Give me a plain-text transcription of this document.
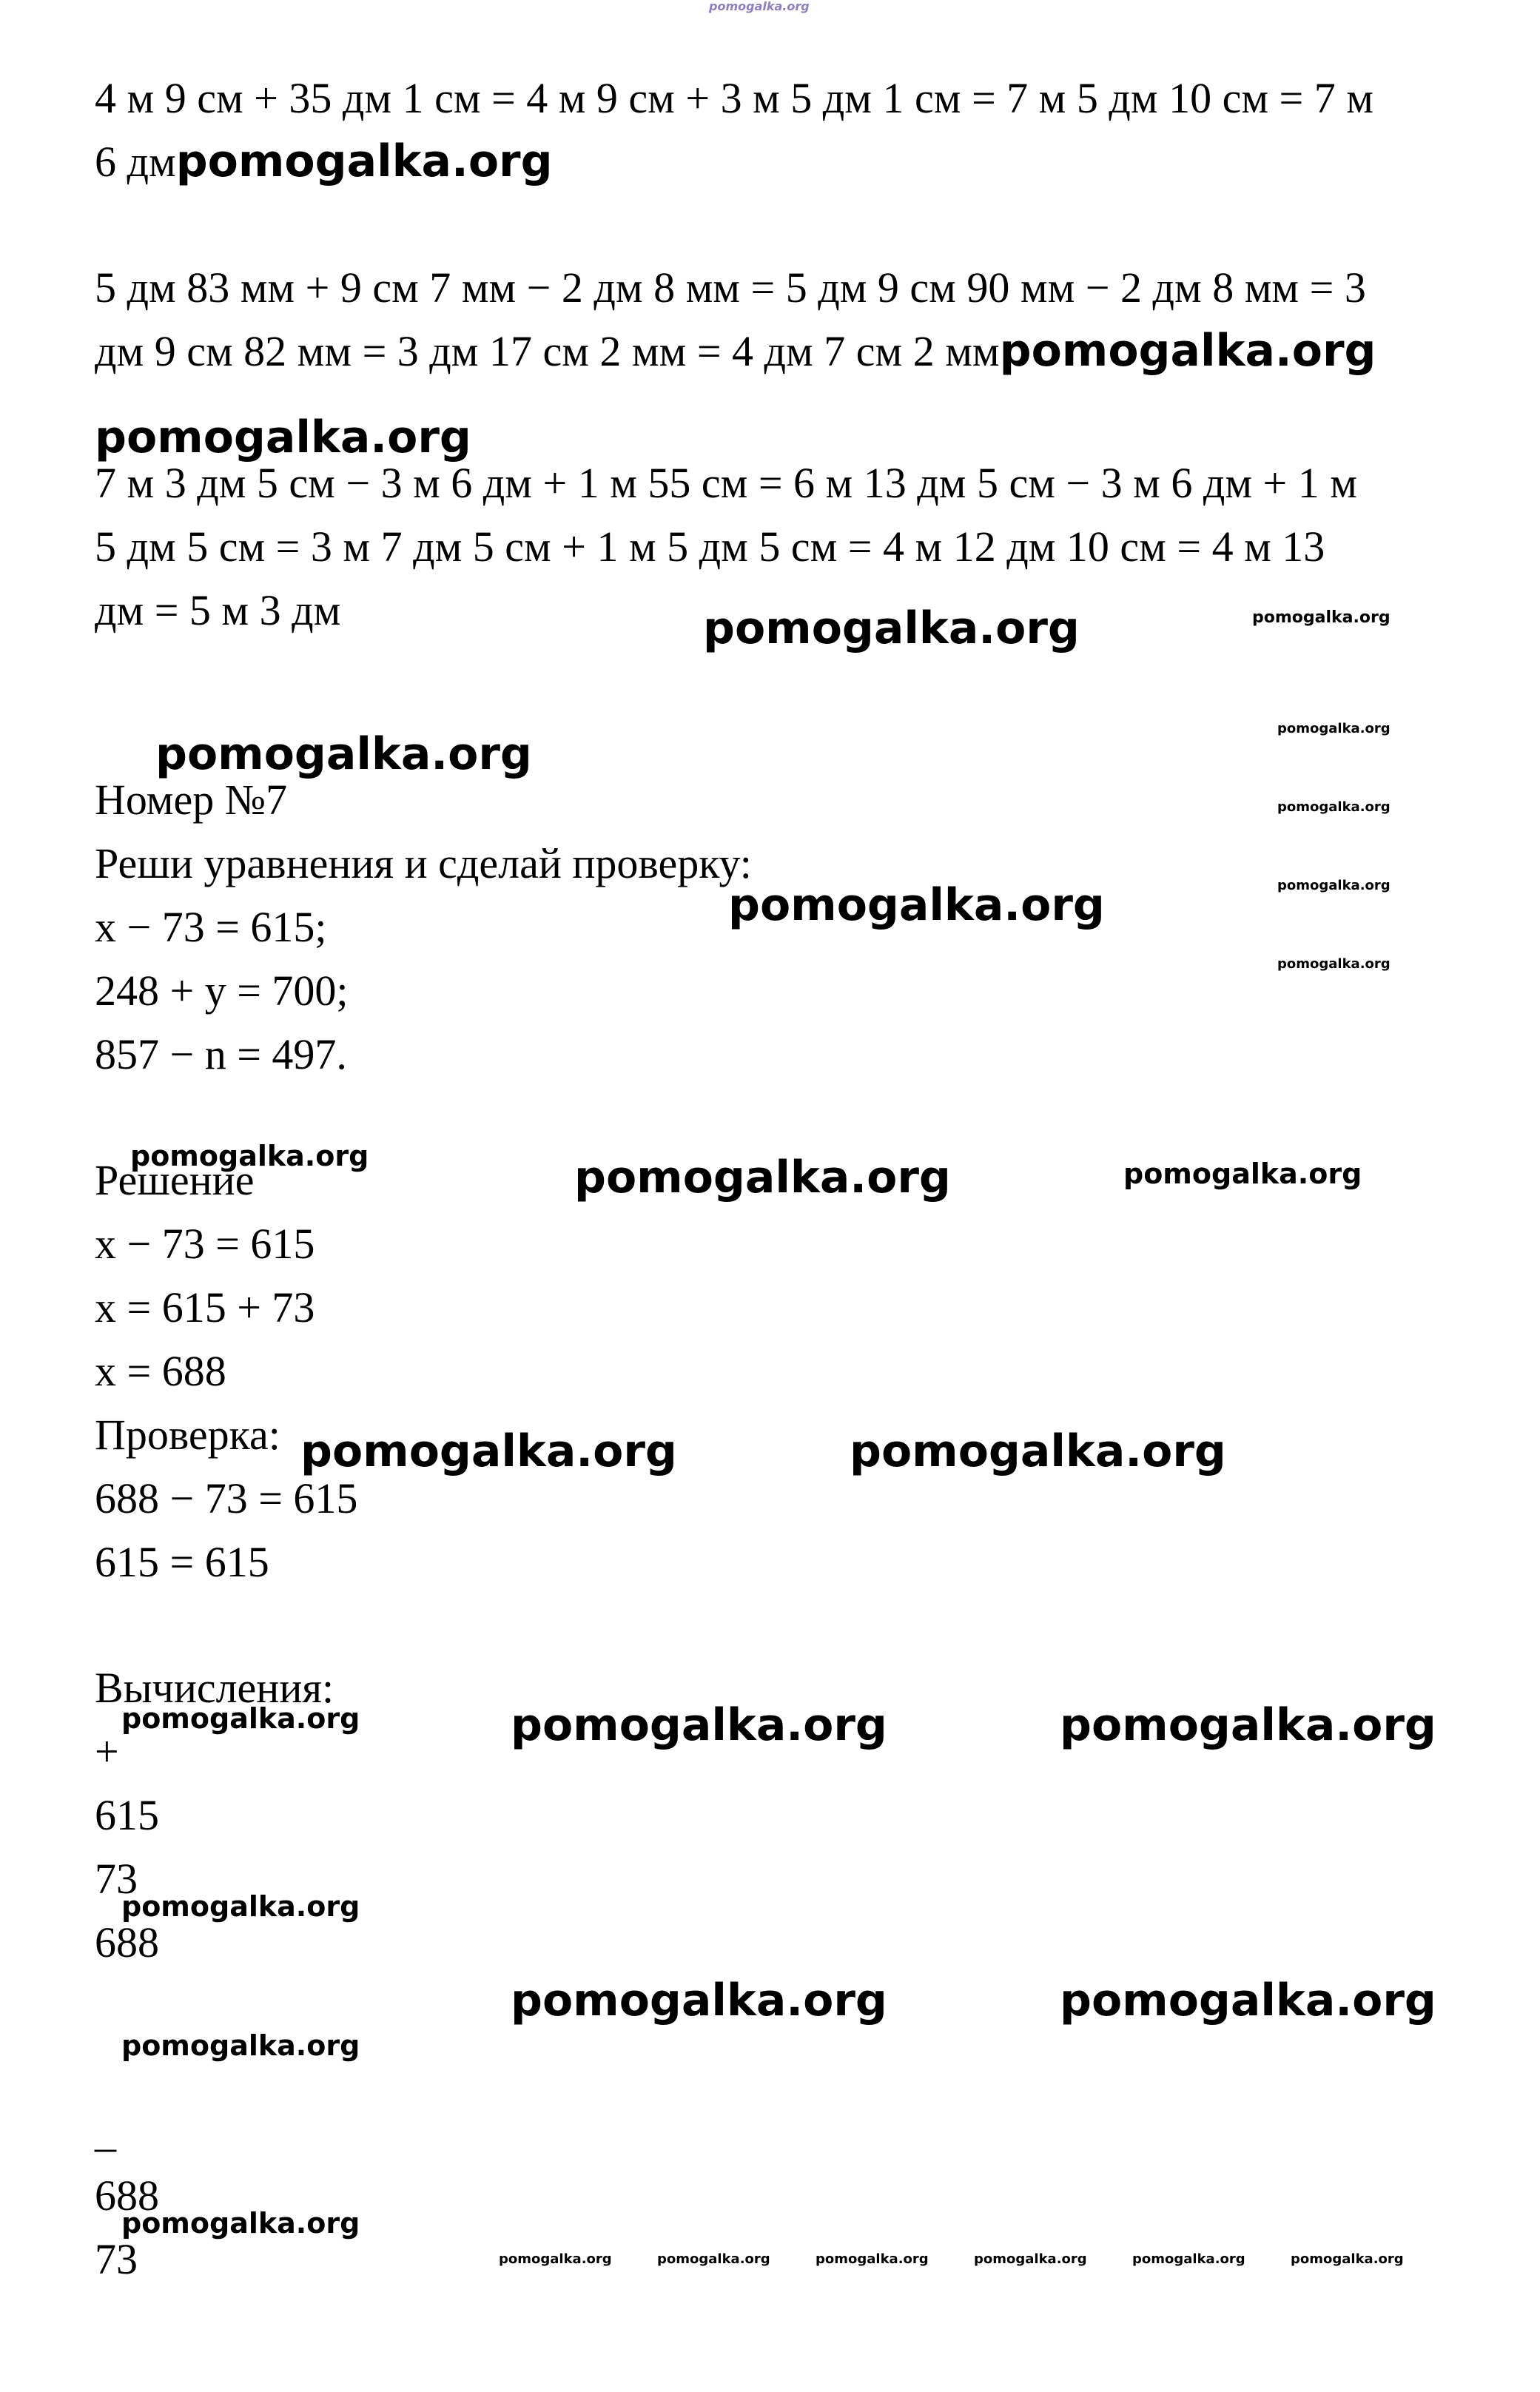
pomogalka.org

4 м 9 см + 35 дм 1 см = 4 м 9 см + 3 м 5 дм 1 см = 7 м 5 дм 10 см = 7 м

6 дмpomogalka.org

5 дм 83 мм + 9 см 7 мм − 2 дм 8 мм = 5 дм 9 см 90 мм − 2 дм 8 мм = 3

дм 9 см 82 мм = 3 дм 17 см 2 мм = 4 дм 7 см 2 ммpomogalka.org

pomogalka.org

7 м 3 дм 5 см − 3 м 6 дм + 1 м 55 см = 6 м 13 дм 5 см − 3 м 6 дм + 1 м

5 дм 5 см = 3 м 7 дм 5 см + 1 м 5 дм 5 см = 4 м 12 дм 10 см = 4 м 13

дм = 5 м 3 дм	pomogalka.org	pomogalka.org
pomogalka.org
pomogalka.org
pomogalka.org
pomogalka.org
pomogalka.org

Номер №7

Реши уравнения и сделай проверку:

pomogalka.org

x − 73 = 615;

248 + y = 700;

857 − n = 497.

pomogalka.org	pomogalka.org	pomogalka.org

Решение

x − 73 = 615

x = 615 + 73

x = 688

Проверка: pomogalka.org	pomogalka.org

688 − 73 = 615

615 = 615

Вычисления:

pomogalka.org	pomogalka.org	pomogalka.org

+

615

73

pomogalka.org

688

pomogalka.org	pomogalka.org
pomogalka.org

_

688

pomogalka.org

73	pomogalka.org	pomogalka.org	pomogalka.org	pomogalka.org	pomogalka.org	pomogalka.org
